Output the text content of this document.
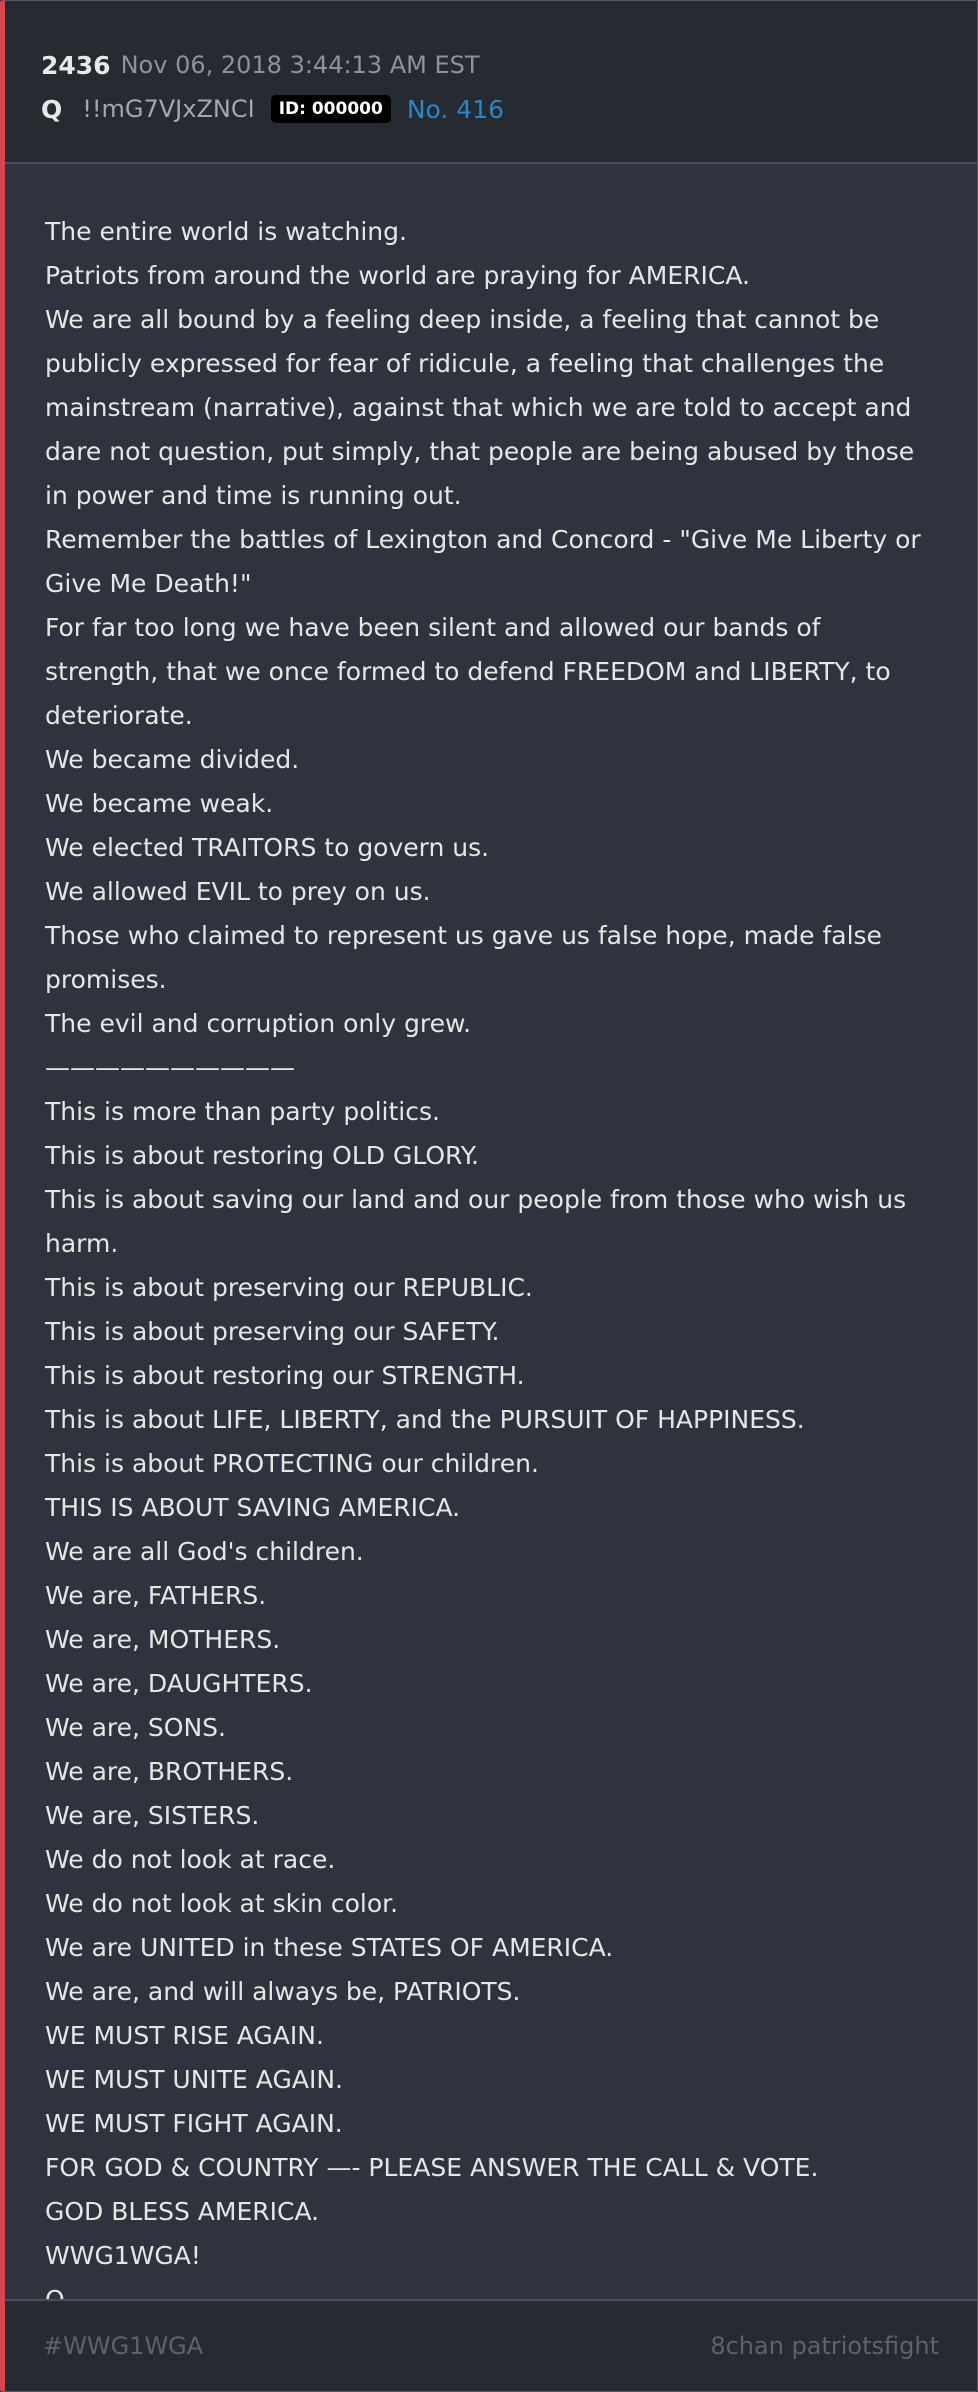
2436 Nov 06, 2018 3:44:13 AM EST
Q !!mG7VJxZNCI	ID: 000000 No. 416
The entire world is watching.
Patriots from around the world are praying for AMERICA.
We are all bound by a feeling deep inside, a feeling that cannot be publicly expressed for fear of ridicule, a feeling that challenges the mainstream (narrative), against that which we are told to accept and dare not question, put simply, that people are being abused by those in power and time is running out.
Remember the battles of Lexington and Concord - "Give Me Liberty or Give Me Death!"
For far too long we have been silent and allowed our bands of strength, that we once formed to defend FREEDOM and LIBERTY, to deteriorate.
We became divided.
We became weak.
We elected TRAITORS to govern us.
We allowed EVIL to prey on us.
Those who claimed to represent us gave us false hope, made false promises.
The evil and corruption only grew.
——————————
This is more than party politics.
This is about restoring OLD GLORY.
This is about saving our land and our people from those who wish us harm.
This is about preserving our REPUBLIC.
This is about preserving our SAFETY.
This is about restoring our STRENGTH.
This is about LIFE, LIBERTY, and the PURSUIT OF HAPPINESS.
This is about PROTECTING our children.
THIS IS ABOUT SAVING AMERICA.
We are all God's children.
We are, FATHERS.
We are, MOTHERS.
We are, DAUGHTERS.
We are, SONS.
We are, BROTHERS.
We are, SISTERS.
We do not look at race.
We do not look at skin color.
We are UNITED in these STATES OF AMERICA.
We are, and will always be, PATRIOTS.
WE MUST RISE AGAIN.
WE MUST UNITE AGAIN.
WE MUST FIGHT AGAIN.
FOR GOD & COUNTRY —- PLEASE ANSWER THE CALL & VOTE.
GOD BLESS AMERICA.
WWG1WGA!
#WWG1WGA	8chan patriotsfight
